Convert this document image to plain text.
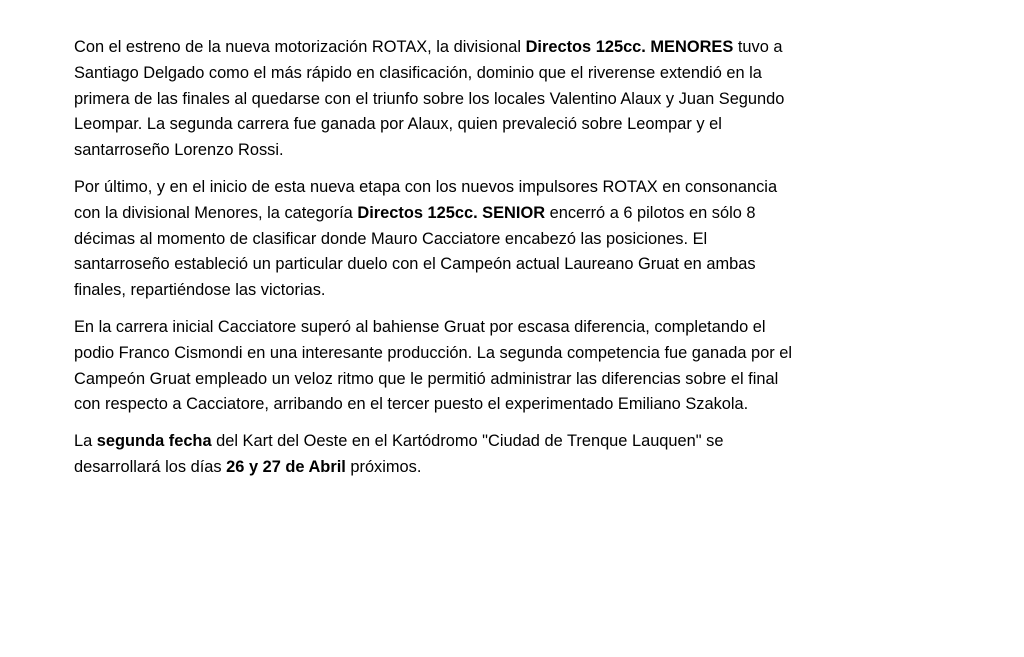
Con el estreno de la nueva motorización ROTAX, la divisional Directos 125cc. MENORES tuvo a
Santiago Delgado como el más rápido en clasificación, dominio que el riverense extendió en la
primera de las finales al quedarse con el triunfo sobre los locales Valentino Alaux y Juan Segundo
Leompar. La segunda carrera fue ganada por Alaux, quien prevaleció sobre Leompar y el
santarroseño Lorenzo Rossi.

Por último, y en el inicio de esta nueva etapa con los nuevos impulsores ROTAX en consonancia
con la divisional Menores, la categoría Directos 125cc. SENIOR encerró a 6 pilotos en sólo 8
décimas al momento de clasificar donde Mauro Cacciatore encabezó las posiciones. El
santarroseño estableció un particular duelo con el Campeón actual Laureano Gruat en ambas
finales, repartiéndose las victorias.

En la carrera inicial Cacciatore superó al bahiense Gruat por escasa diferencia, completando el
podio Franco Cismondi en una interesante producción. La segunda competencia fue ganada por el
Campeón Gruat empleado un veloz ritmo que le permitió administrar las diferencias sobre el final
con respecto a Cacciatore, arribando en el tercer puesto el experimentado Emiliano Szakola.

La segunda fecha del Kart del Oeste en el Kartódromo "Ciudad de Trenque Lauquen" se
desarrollará los días 26 y 27 de Abril próximos.
